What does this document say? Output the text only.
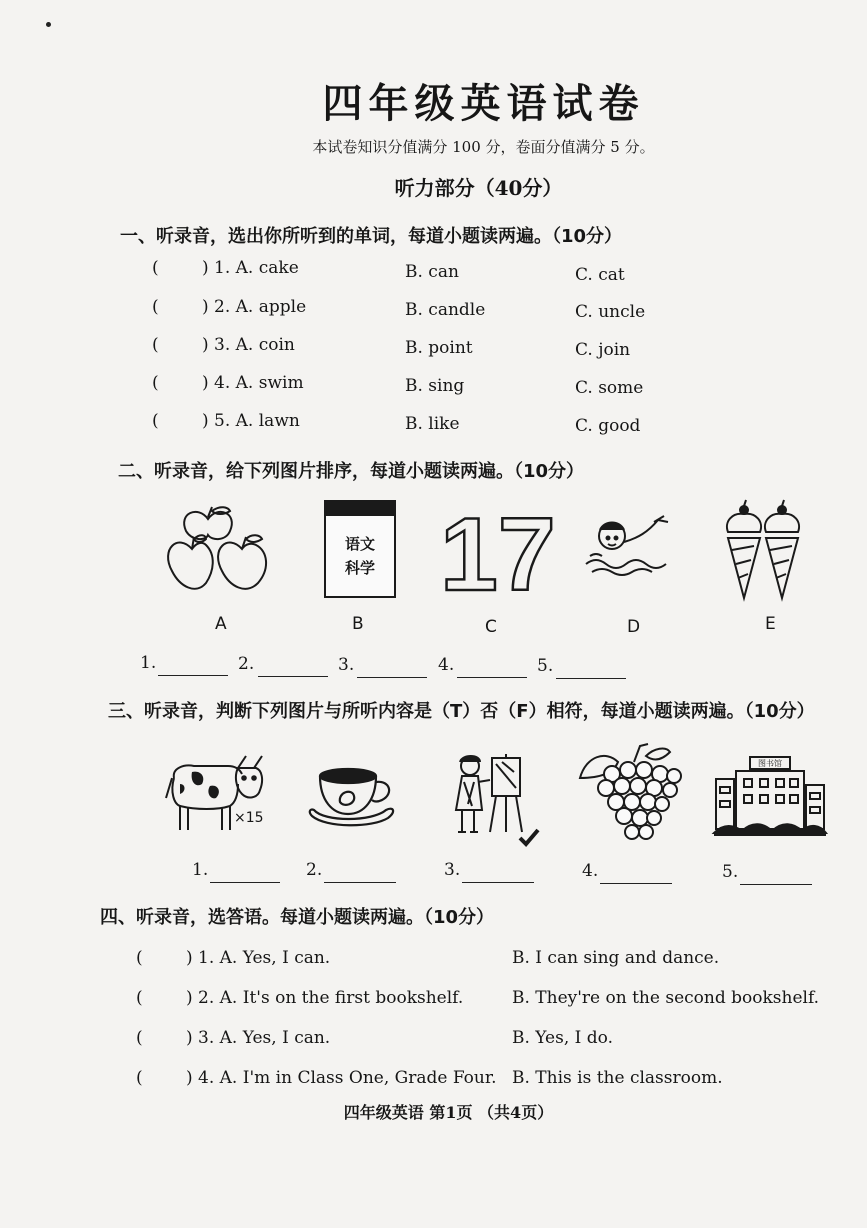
四年级英语试卷
本试卷知识分值满分 100 分，卷面分值满分 5 分。
听力部分（40分）
一、听录音，选出你所听到的单词，每道小题读两遍。（10分）
(	) 1. A. cake	B. can	C. cat
(	) 2. A. apple	B. candle	C. uncle
(	) 3. A. coin	B. point	C. join
(	) 4. A. swim	B. sing	C. some
(	) 5. A. lawn	B. like	C. good
二、听录音，给下列图片排序，每道小题读两遍。（10分）
A
语文
科学
B
17
C	D	E
1.	2.	3.	4.	5.
三、听录音，判断下列图片与所听内容是（T）否（F）相符，每道小题读两遍。（10分）
×15
图书馆
1.	2.	3.	4.	5.
四、听录音，选答语。每道小题读两遍。（10分）
(	) 1. A. Yes, I can.	B. I can sing and dance.
(	) 2. A. It's on the first bookshelf.	B. They're on the second bookshelf.
(	) 3. A. Yes, I can.	B. Yes, I do.
(	) 4. A. I'm in Class One, Grade Four. B. This is the classroom.
四年级英语 第1页 （共4页）
